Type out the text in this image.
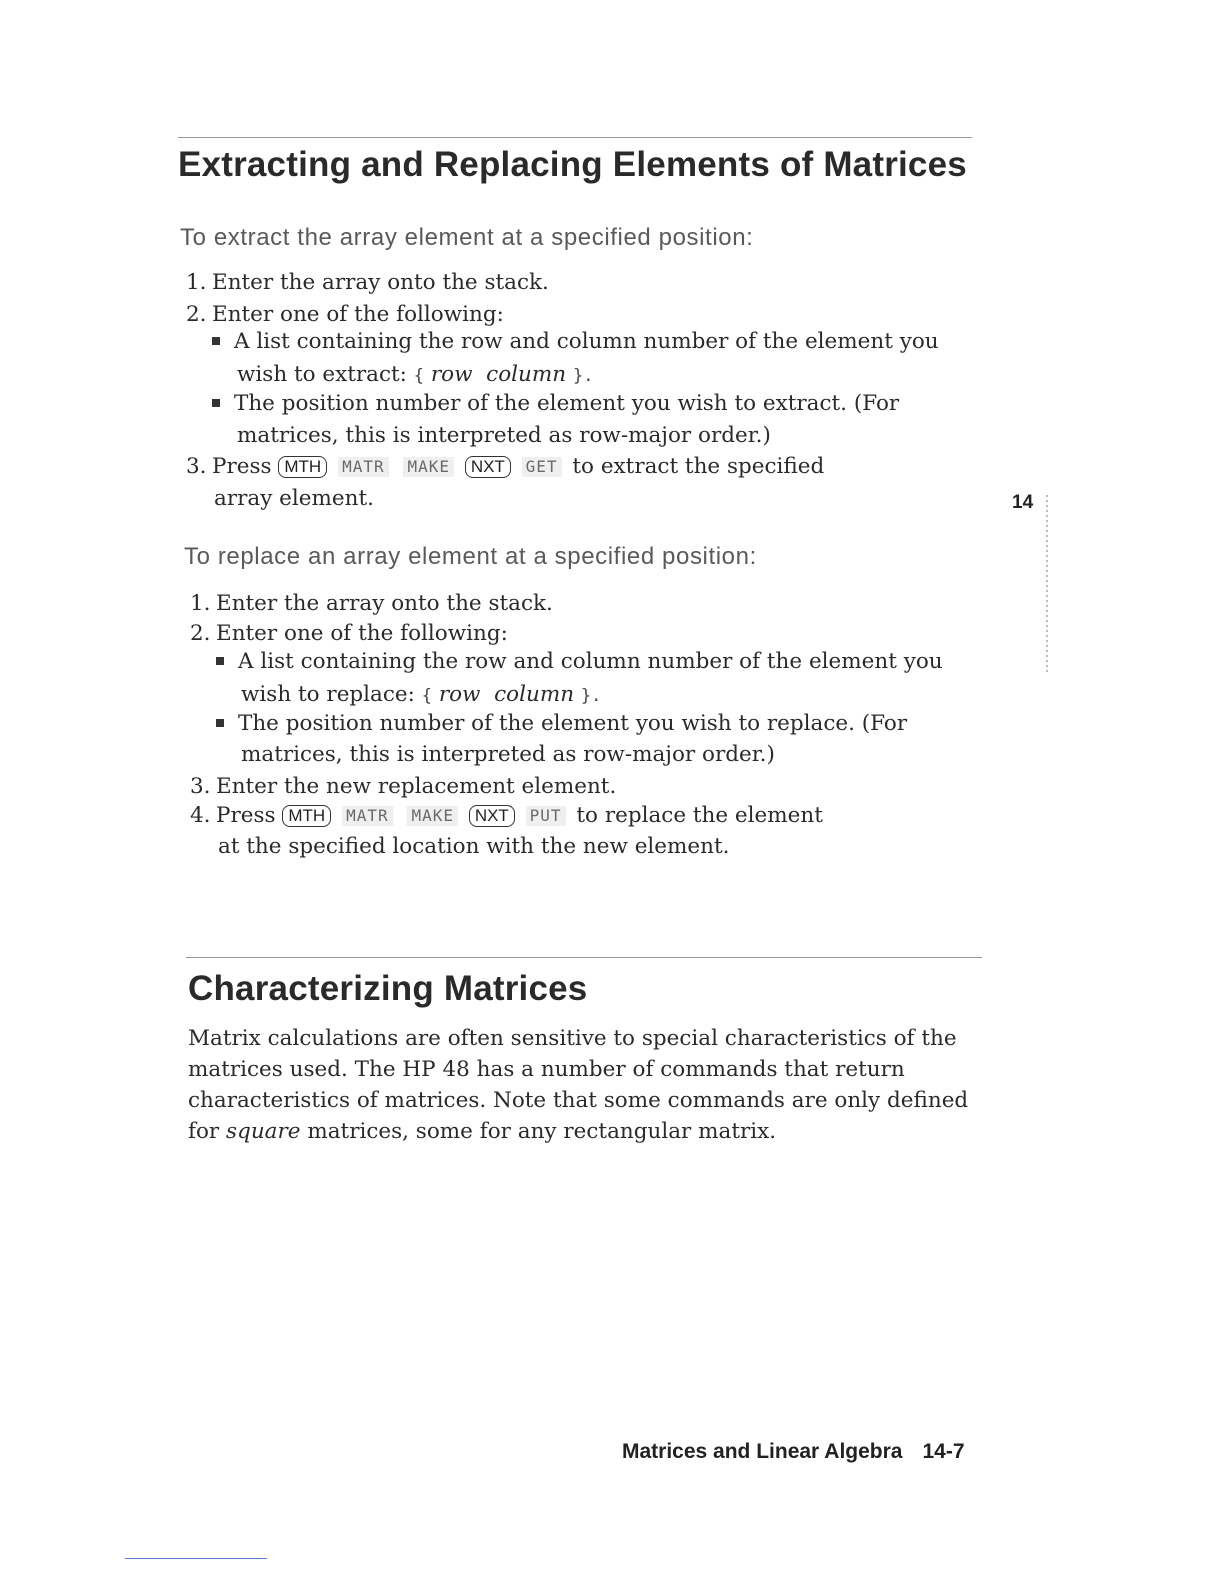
Extracting and Replacing Elements of Matrices
To extract the array element at a specified position:

1. Enter the array onto the stack.

2. Enter one of the following:

A list containing the row and column number of the element you

wish to extract: { row column }.

The position number of the element you wish to extract. (For

matrices, this is interpreted as row-major order.)

3. Press MTH MATR MAKE NXT GET to extract the specified

array element.	14
To replace an array element at a specified position:

1. Enter the array onto the stack.

2. Enter one of the following:

A list containing the row and column number of the element you

wish to replace: { row column }.

The position number of the element you wish to replace. (For

matrices, this is interpreted as row-major order.)

3. Enter the new replacement element.

4. Press MTH MATR MAKE NXT PUT to replace the element

at the specified location with the new element.

Characterizing Matrices

Matrix calculations are often sensitive to special characteristics of the

matrices used. The HP 48 has a number of commands that return

characteristics of matrices. Note that some commands are only defined

for square matrices, some for any rectangular matrix.

Matrices and Linear Algebra 14-7
